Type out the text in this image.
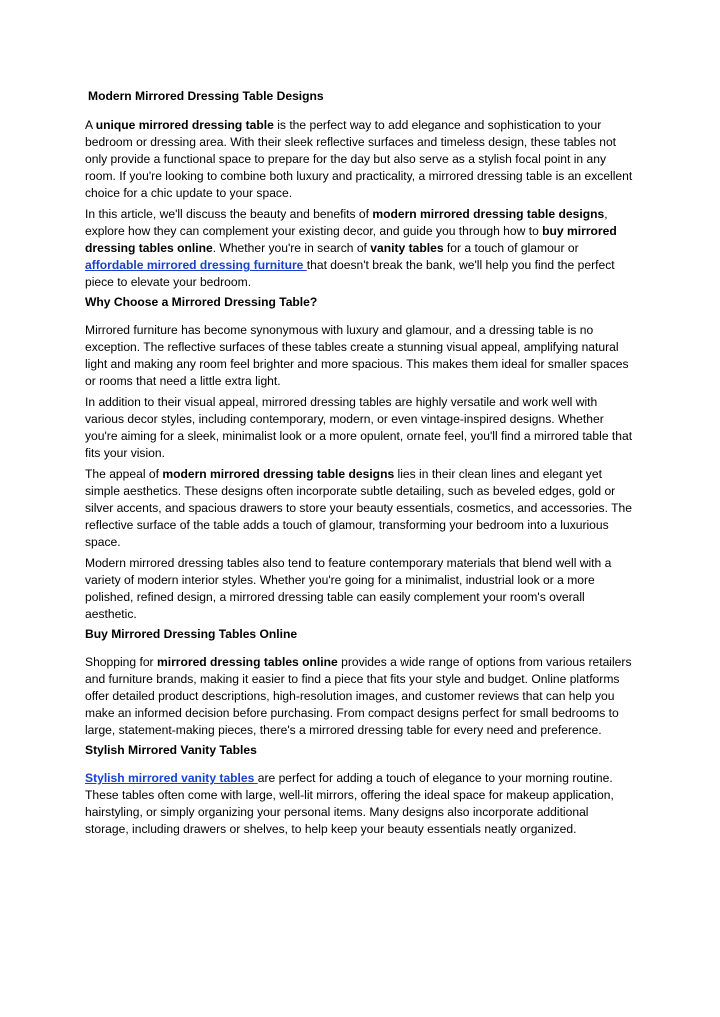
Modern Mirrored Dressing Table Designs

A unique mirrored dressing table is the perfect way to add elegance and sophistication to your bedroom or dressing area. With their sleek reflective surfaces and timeless design, these tables not only provide a functional space to prepare for the day but also serve as a stylish focal point in any room. If you're looking to combine both luxury and practicality, a mirrored dressing table is an excellent choice for a chic update to your space.

In this article, we'll discuss the beauty and benefits of modern mirrored dressing table designs, explore how they can complement your existing decor, and guide you through how to buy mirrored dressing tables online. Whether you're in search of vanity tables for a touch of glamour or affordable mirrored dressing furniture that doesn't break the bank, we'll help you find the perfect piece to elevate your bedroom.

Why Choose a Mirrored Dressing Table?

Mirrored furniture has become synonymous with luxury and glamour, and a dressing table is no exception. The reflective surfaces of these tables create a stunning visual appeal, amplifying natural light and making any room feel brighter and more spacious. This makes them ideal for smaller spaces or rooms that need a little extra light.

In addition to their visual appeal, mirrored dressing tables are highly versatile and work well with various decor styles, including contemporary, modern, or even vintage-inspired designs. Whether you're aiming for a sleek, minimalist look or a more opulent, ornate feel, you'll find a mirrored table that fits your vision.

The appeal of modern mirrored dressing table designs lies in their clean lines and elegant yet simple aesthetics. These designs often incorporate subtle detailing, such as beveled edges, gold or silver accents, and spacious drawers to store your beauty essentials, cosmetics, and accessories. The reflective surface of the table adds a touch of glamour, transforming your bedroom into a luxurious space.

Modern mirrored dressing tables also tend to feature contemporary materials that blend well with a variety of modern interior styles. Whether you're going for a minimalist, industrial look or a more polished, refined design, a mirrored dressing table can easily complement your room's overall aesthetic.

Buy Mirrored Dressing Tables Online

Shopping for mirrored dressing tables online provides a wide range of options from various retailers and furniture brands, making it easier to find a piece that fits your style and budget. Online platforms offer detailed product descriptions, high-resolution images, and customer reviews that can help you make an informed decision before purchasing. From compact designs perfect for small bedrooms to large, statement-making pieces, there's a mirrored dressing table for every need and preference.

Stylish Mirrored Vanity Tables

Stylish mirrored vanity tables are perfect for adding a touch of elegance to your morning routine. These tables often come with large, well-lit mirrors, offering the ideal space for makeup application, hairstyling, or simply organizing your personal items. Many designs also incorporate additional storage, including drawers or shelves, to help keep your beauty essentials neatly organized.
